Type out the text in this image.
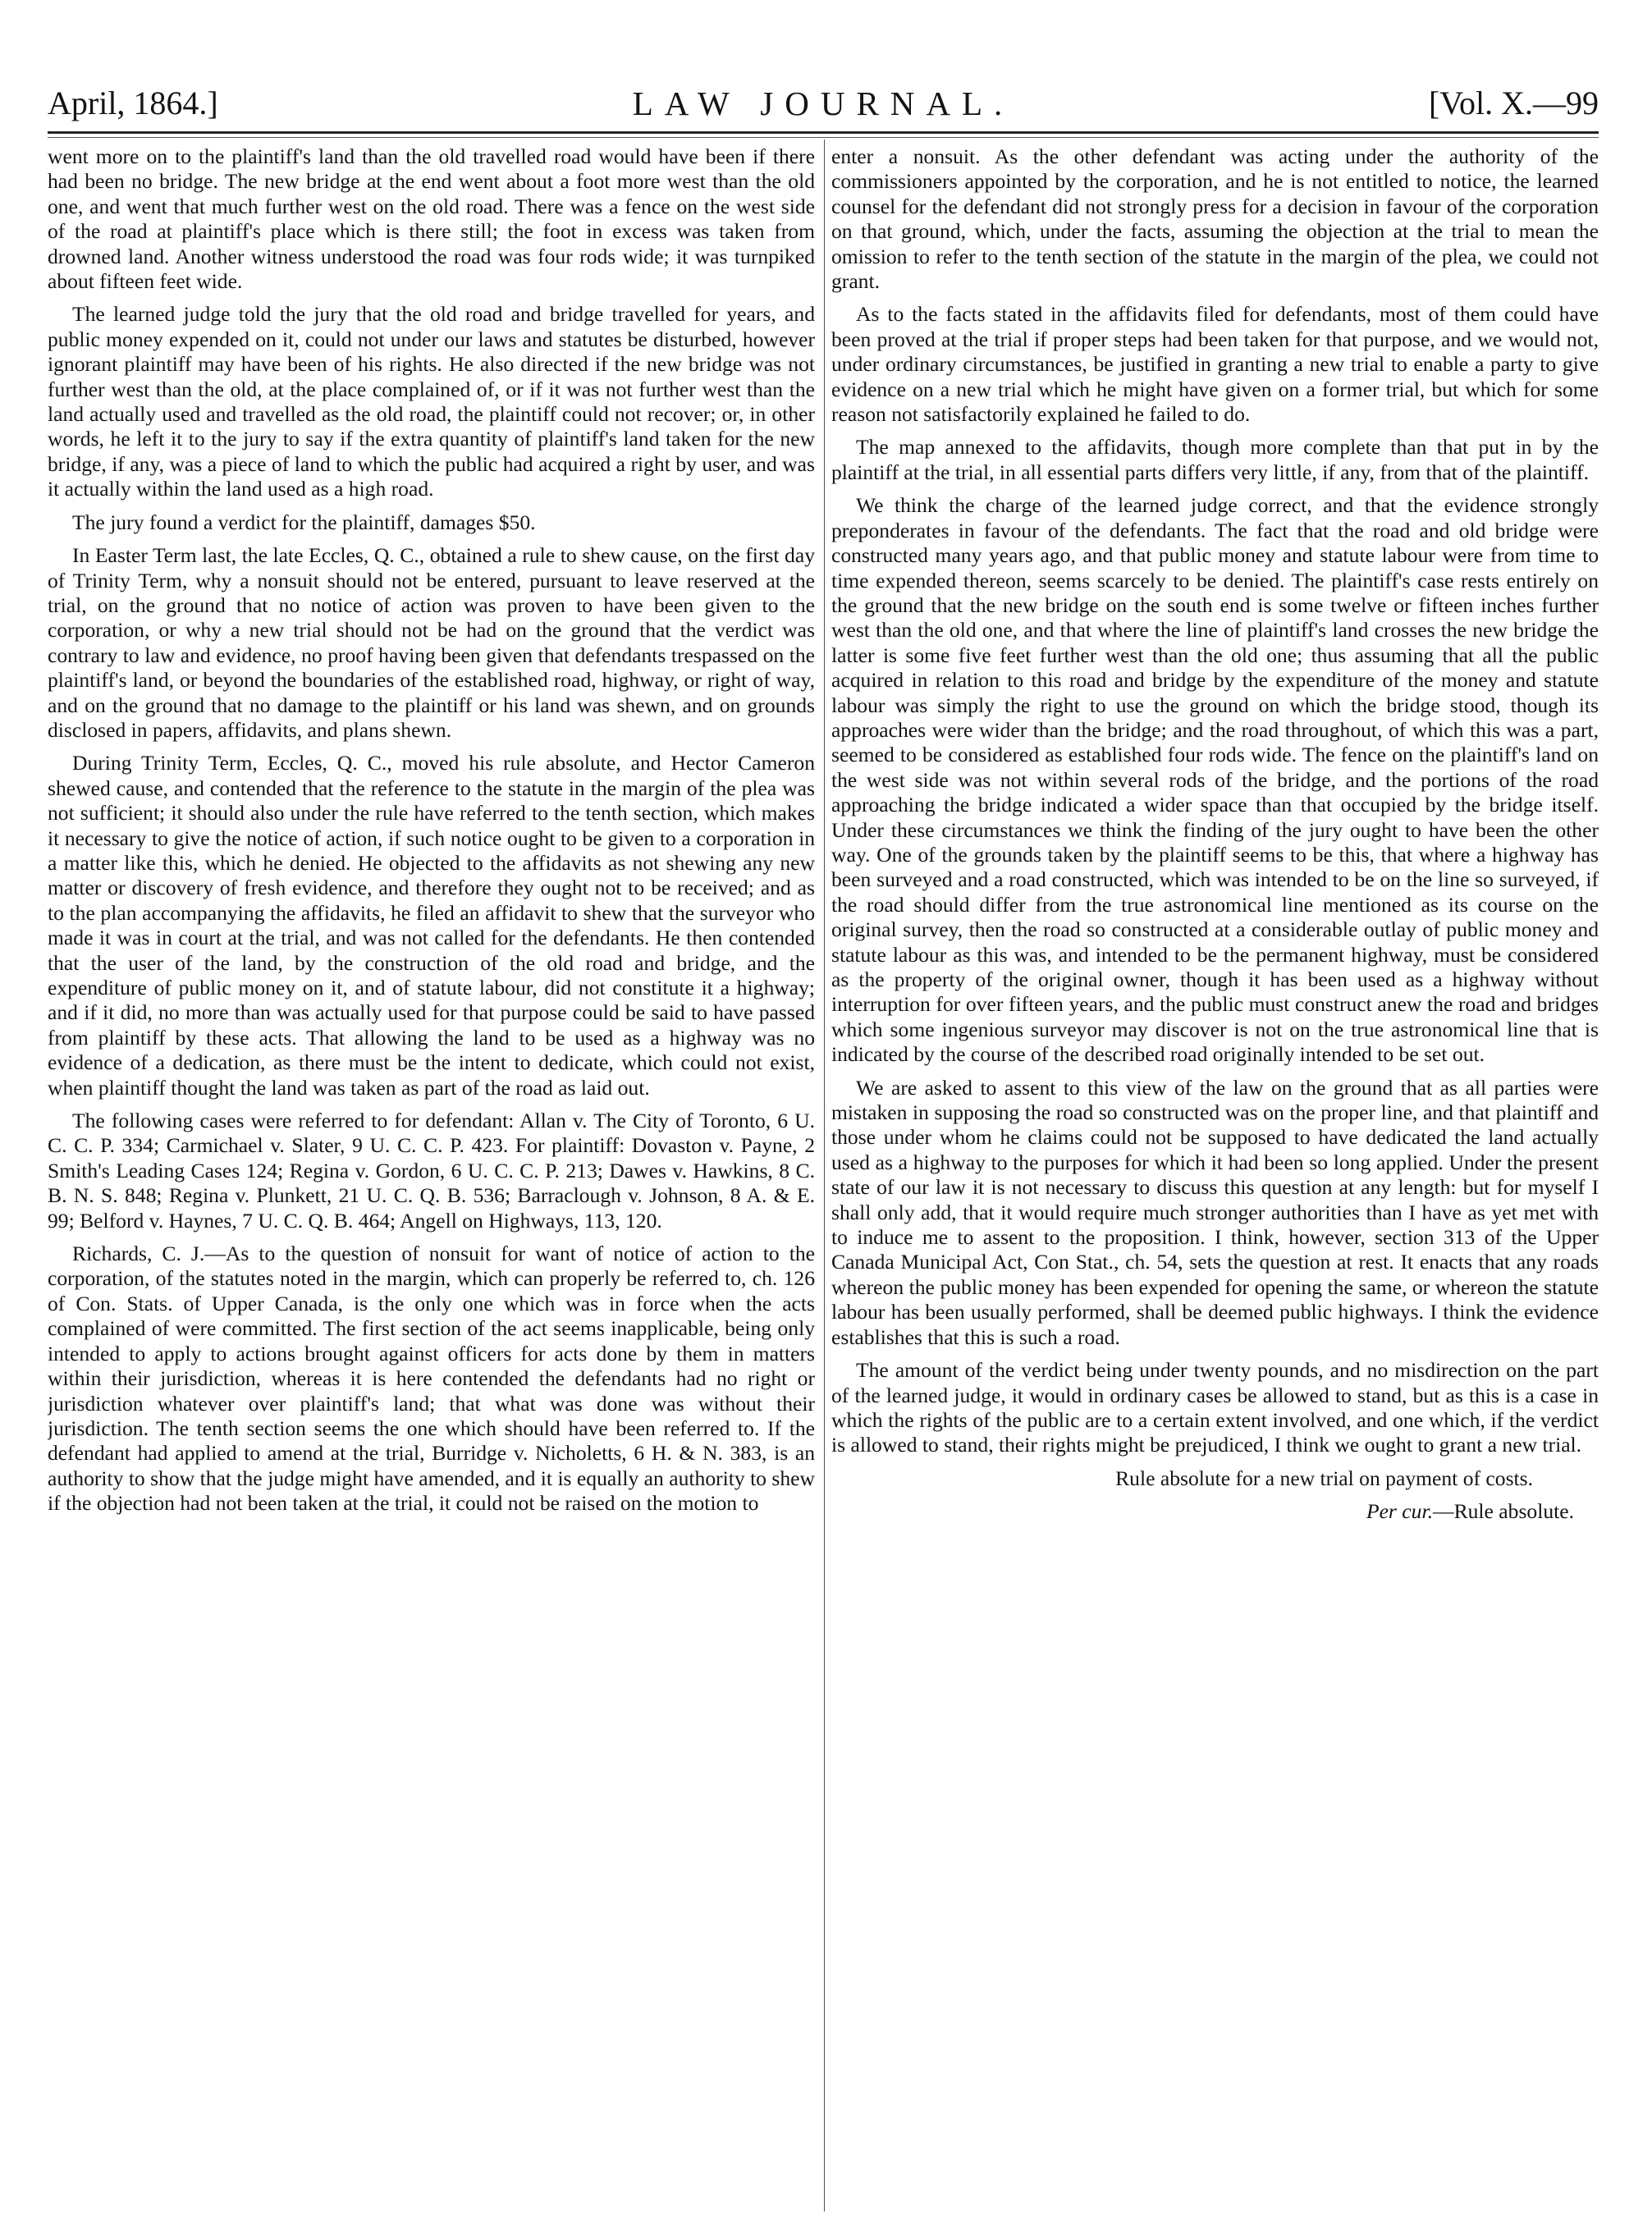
April, 1864.]	LAW JOURNAL.	[Vol. X.—99

went more on to the plaintiff's land than the old travelled road would have been if there had been no bridge. The new bridge at the end went about a foot more west than the old one, and went that much further west on the old road. There was a fence on the west side of the road at plaintiff's place which is there still; the foot in excess was taken from drowned land. Another witness understood the road was four rods wide; it was turnpiked about fifteen feet wide.

The learned judge told the jury that the old road and bridge travelled for years, and public money expended on it, could not under our laws and statutes be disturbed, however ignorant plaintiff may have been of his rights. He also directed if the new bridge was not further west than the old, at the place complained of, or if it was not further west than the land actually used and travelled as the old road, the plaintiff could not recover; or, in other words, he left it to the jury to say if the extra quantity of plaintiff's land taken for the new bridge, if any, was a piece of land to which the public had acquired a right by user, and was it actually within the land used as a high road.

The jury found a verdict for the plaintiff, damages $50.

In Easter Term last, the late Eccles, Q. C., obtained a rule to shew cause, on the first day of Trinity Term, why a nonsuit should not be entered, pursuant to leave reserved at the trial, on the ground that no notice of action was proven to have been given to the corporation, or why a new trial should not be had on the ground that the verdict was contrary to law and evidence, no proof having been given that defendants trespassed on the plaintiff's land, or beyond the boundaries of the established road, highway, or right of way, and on the ground that no damage to the plaintiff or his land was shewn, and on grounds disclosed in papers, affidavits, and plans shewn.

During Trinity Term, Eccles, Q. C., moved his rule absolute, and Hector Cameron shewed cause, and contended that the reference to the statute in the margin of the plea was not sufficient; it should also under the rule have referred to the tenth section, which makes it necessary to give the notice of action, if such notice ought to be given to a corporation in a matter like this, which he denied. He objected to the affidavits as not shewing any new matter or discovery of fresh evidence, and therefore they ought not to be received; and as to the plan accompanying the affidavits, he filed an affidavit to shew that the surveyor who made it was in court at the trial, and was not called for the defendants. He then contended that the user of the land, by the construction of the old road and bridge, and the expenditure of public money on it, and of statute labour, did not constitute it a highway; and if it did, no more than was actually used for that purpose could be said to have passed from plaintiff by these acts. That allowing the land to be used as a highway was no evidence of a dedication, as there must be the intent to dedicate, which could not exist, when plaintiff thought the land was taken as part of the road as laid out.

The following cases were referred to for defendant: Allan v. The City of Toronto, 6 U. C. C. P. 334; Carmichael v. Slater, 9 U. C. C. P. 423. For plaintiff: Dovaston v. Payne, 2 Smith's Leading Cases 124; Regina v. Gordon, 6 U. C. C. P. 213; Dawes v. Hawkins, 8 C. B. N. S. 848; Regina v. Plunkett, 21 U. C. Q. B. 536; Barraclough v. Johnson, 8 A. & E. 99; Belford v. Haynes, 7 U. C. Q. B. 464; Angell on Highways, 113, 120.

Richards, C. J.—As to the question of nonsuit for want of notice of action to the corporation, of the statutes noted in the margin, which can properly be referred to, ch. 126 of Con. Stats. of Upper Canada, is the only one which was in force when the acts complained of were committed. The first section of the act seems inapplicable, being only intended to apply to actions brought against officers for acts done by them in matters within their jurisdiction, whereas it is here contended the defendants had no right or jurisdiction whatever over plaintiff's land; that what was done was without their jurisdiction. The tenth section seems the one which should have been referred to. If the defendant had applied to amend at the trial, Burridge v. Nicholetts, 6 H. & N. 383, is an authority to show that the judge might have amended, and it is equally an authority to shew if the objection had not been taken at the trial, it could not be raised on the motion to

enter a nonsuit. As the other defendant was acting under the authority of the commissioners appointed by the corporation, and he is not entitled to notice, the learned counsel for the defendant did not strongly press for a decision in favour of the corporation on that ground, which, under the facts, assuming the objection at the trial to mean the omission to refer to the tenth section of the statute in the margin of the plea, we could not grant.

As to the facts stated in the affidavits filed for defendants, most of them could have been proved at the trial if proper steps had been taken for that purpose, and we would not, under ordinary circumstances, be justified in granting a new trial to enable a party to give evidence on a new trial which he might have given on a former trial, but which for some reason not satisfactorily explained he failed to do.

The map annexed to the affidavits, though more complete than that put in by the plaintiff at the trial, in all essential parts differs very little, if any, from that of the plaintiff.

We think the charge of the learned judge correct, and that the evidence strongly preponderates in favour of the defendants. The fact that the road and old bridge were constructed many years ago, and that public money and statute labour were from time to time expended thereon, seems scarcely to be denied. The plaintiff's case rests entirely on the ground that the new bridge on the south end is some twelve or fifteen inches further west than the old one, and that where the line of plaintiff's land crosses the new bridge the latter is some five feet further west than the old one; thus assuming that all the public acquired in relation to this road and bridge by the expenditure of the money and statute labour was simply the right to use the ground on which the bridge stood, though its approaches were wider than the bridge; and the road throughout, of which this was a part, seemed to be considered as established four rods wide. The fence on the plaintiff's land on the west side was not within several rods of the bridge, and the portions of the road approaching the bridge indicated a wider space than that occupied by the bridge itself. Under these circumstances we think the finding of the jury ought to have been the other way. One of the grounds taken by the plaintiff seems to be this, that where a highway has been surveyed and a road constructed, which was intended to be on the line so surveyed, if the road should differ from the true astronomical line mentioned as its course on the original survey, then the road so constructed at a considerable outlay of public money and statute labour as this was, and intended to be the permanent highway, must be considered as the property of the original owner, though it has been used as a highway without interruption for over fifteen years, and the public must construct anew the road and bridges which some ingenious surveyor may discover is not on the true astronomical line that is indicated by the course of the described road originally intended to be set out.

We are asked to assent to this view of the law on the ground that as all parties were mistaken in supposing the road so constructed was on the proper line, and that plaintiff and those under whom he claims could not be supposed to have dedicated the land actually used as a highway to the purposes for which it had been so long applied. Under the present state of our law it is not necessary to discuss this question at any length: but for myself I shall only add, that it would require much stronger authorities than I have as yet met with to induce me to assent to the proposition. I think, however, section 313 of the Upper Canada Municipal Act, Con Stat., ch. 54, sets the question at rest. It enacts that any roads whereon the public money has been expended for opening the same, or whereon the statute labour has been usually performed, shall be deemed public highways. I think the evidence establishes that this is such a road.

The amount of the verdict being under twenty pounds, and no misdirection on the part of the learned judge, it would in ordinary cases be allowed to stand, but as this is a case in which the rights of the public are to a certain extent involved, and one which, if the verdict is allowed to stand, their rights might be prejudiced, I think we ought to grant a new trial.

Rule absolute for a new trial on payment of costs.

Per cur.—Rule absolute.
